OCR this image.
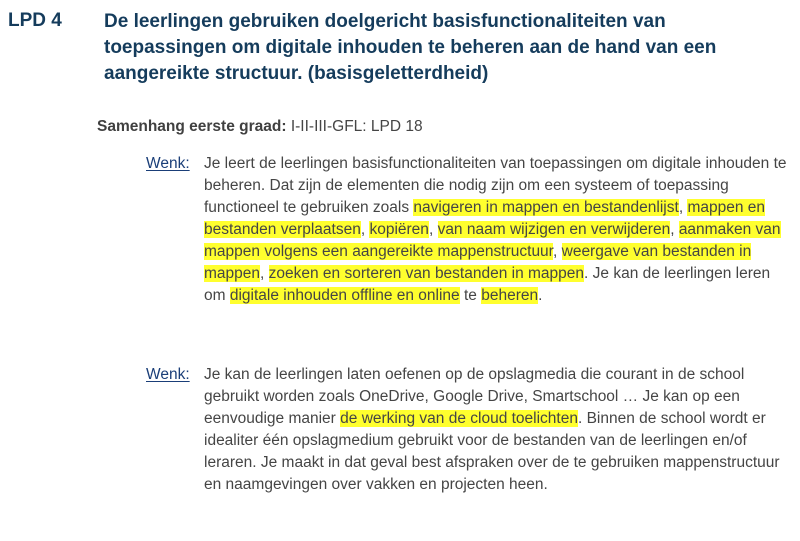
LPD 4 De leerlingen gebruiken doelgericht basisfunctionaliteiten van toepassingen om digitale inhouden te beheren aan de hand van een aangereikte structuur. (basisgeletterdheid)
Samenhang eerste graad: I-II-III-GFL: LPD 18
Wenk: Je leert de leerlingen basisfunctionaliteiten van toepassingen om digitale inhouden te beheren. Dat zijn de elementen die nodig zijn om een systeem of toepassing functioneel te gebruiken zoals navigeren in mappen en bestandenlijst, mappen en bestanden verplaatsen, kopiëren, van naam wijzigen en verwijderen, aanmaken van mappen volgens een aangereikte mappenstructuur, weergave van bestanden in mappen, zoeken en sorteren van bestanden in mappen. Je kan de leerlingen leren om digitale inhouden offline en online te beheren.
Wenk: Je kan de leerlingen laten oefenen op de opslagmedia die courant in de school gebruikt worden zoals OneDrive, Google Drive, Smartschool … Je kan op een eenvoudige manier de werking van de cloud toelichten. Binnen de school wordt er idealiter één opslagmedium gebruikt voor de bestanden van de leerlingen en/of leraren. Je maakt in dat geval best afspraken over de te gebruiken mappenstructuur en naamgevingen over vakken en projecten heen.
